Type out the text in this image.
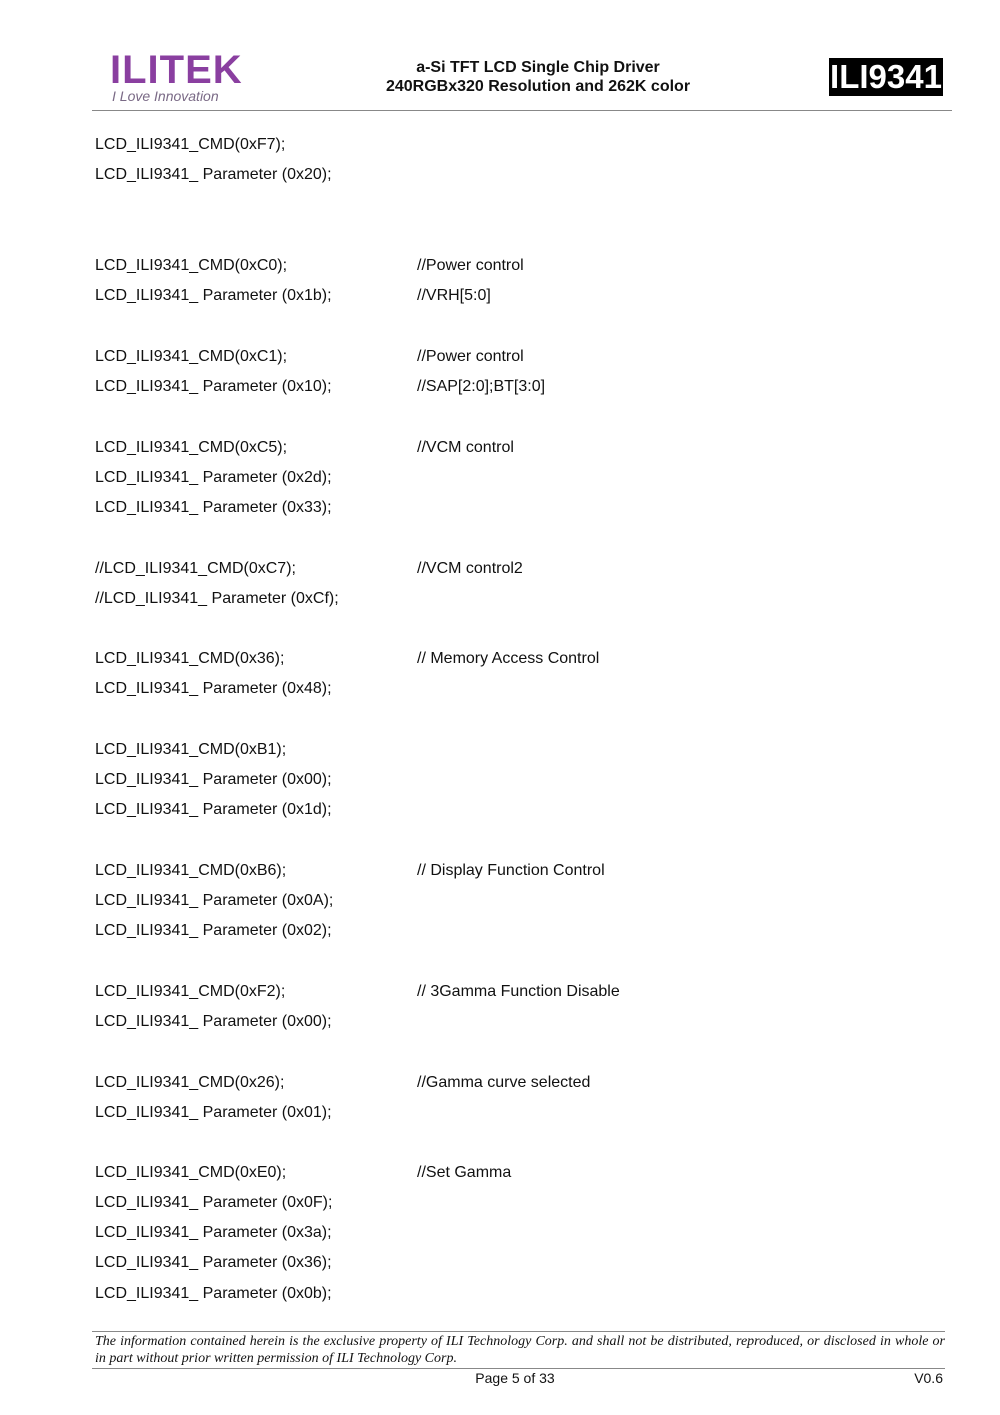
ILITEK
I Love Innovation
a-Si TFT LCD Single Chip Driver
240RGBx320 Resolution and 262K color	ILI9341
LCD_ILI9341_CMD(0xF7);
LCD_ILI9341_ Parameter (0x20);
LCD_ILI9341_CMD(0xC0);	//Power control
LCD_ILI9341_ Parameter (0x1b);	//VRH[5:0]
LCD_ILI9341_CMD(0xC1);	//Power control
LCD_ILI9341_ Parameter (0x10);	//SAP[2:0];BT[3:0]
LCD_ILI9341_CMD(0xC5);	//VCM control
LCD_ILI9341_ Parameter (0x2d);
LCD_ILI9341_ Parameter (0x33);
//LCD_ILI9341_CMD(0xC7);	//VCM control2
//LCD_ILI9341_ Parameter (0xCf);
LCD_ILI9341_CMD(0x36);	// Memory Access Control
LCD_ILI9341_ Parameter (0x48);
LCD_ILI9341_CMD(0xB1);
LCD_ILI9341_ Parameter (0x00);
LCD_ILI9341_ Parameter (0x1d);
LCD_ILI9341_CMD(0xB6);	// Display Function Control
LCD_ILI9341_ Parameter (0x0A);
LCD_ILI9341_ Parameter (0x02);
LCD_ILI9341_CMD(0xF2);	// 3Gamma Function Disable
LCD_ILI9341_ Parameter (0x00);
LCD_ILI9341_CMD(0x26);	//Gamma curve selected
LCD_ILI9341_ Parameter (0x01);
LCD_ILI9341_CMD(0xE0);	//Set Gamma
LCD_ILI9341_ Parameter (0x0F);
LCD_ILI9341_ Parameter (0x3a);
LCD_ILI9341_ Parameter (0x36);
LCD_ILI9341_ Parameter (0x0b);
The information contained herein is the exclusive property of ILI Technology Corp. and shall not be distributed, reproduced, or disclosed in whole or in part without prior written permission of ILI Technology Corp.
Page 5 of 33	V0.6
